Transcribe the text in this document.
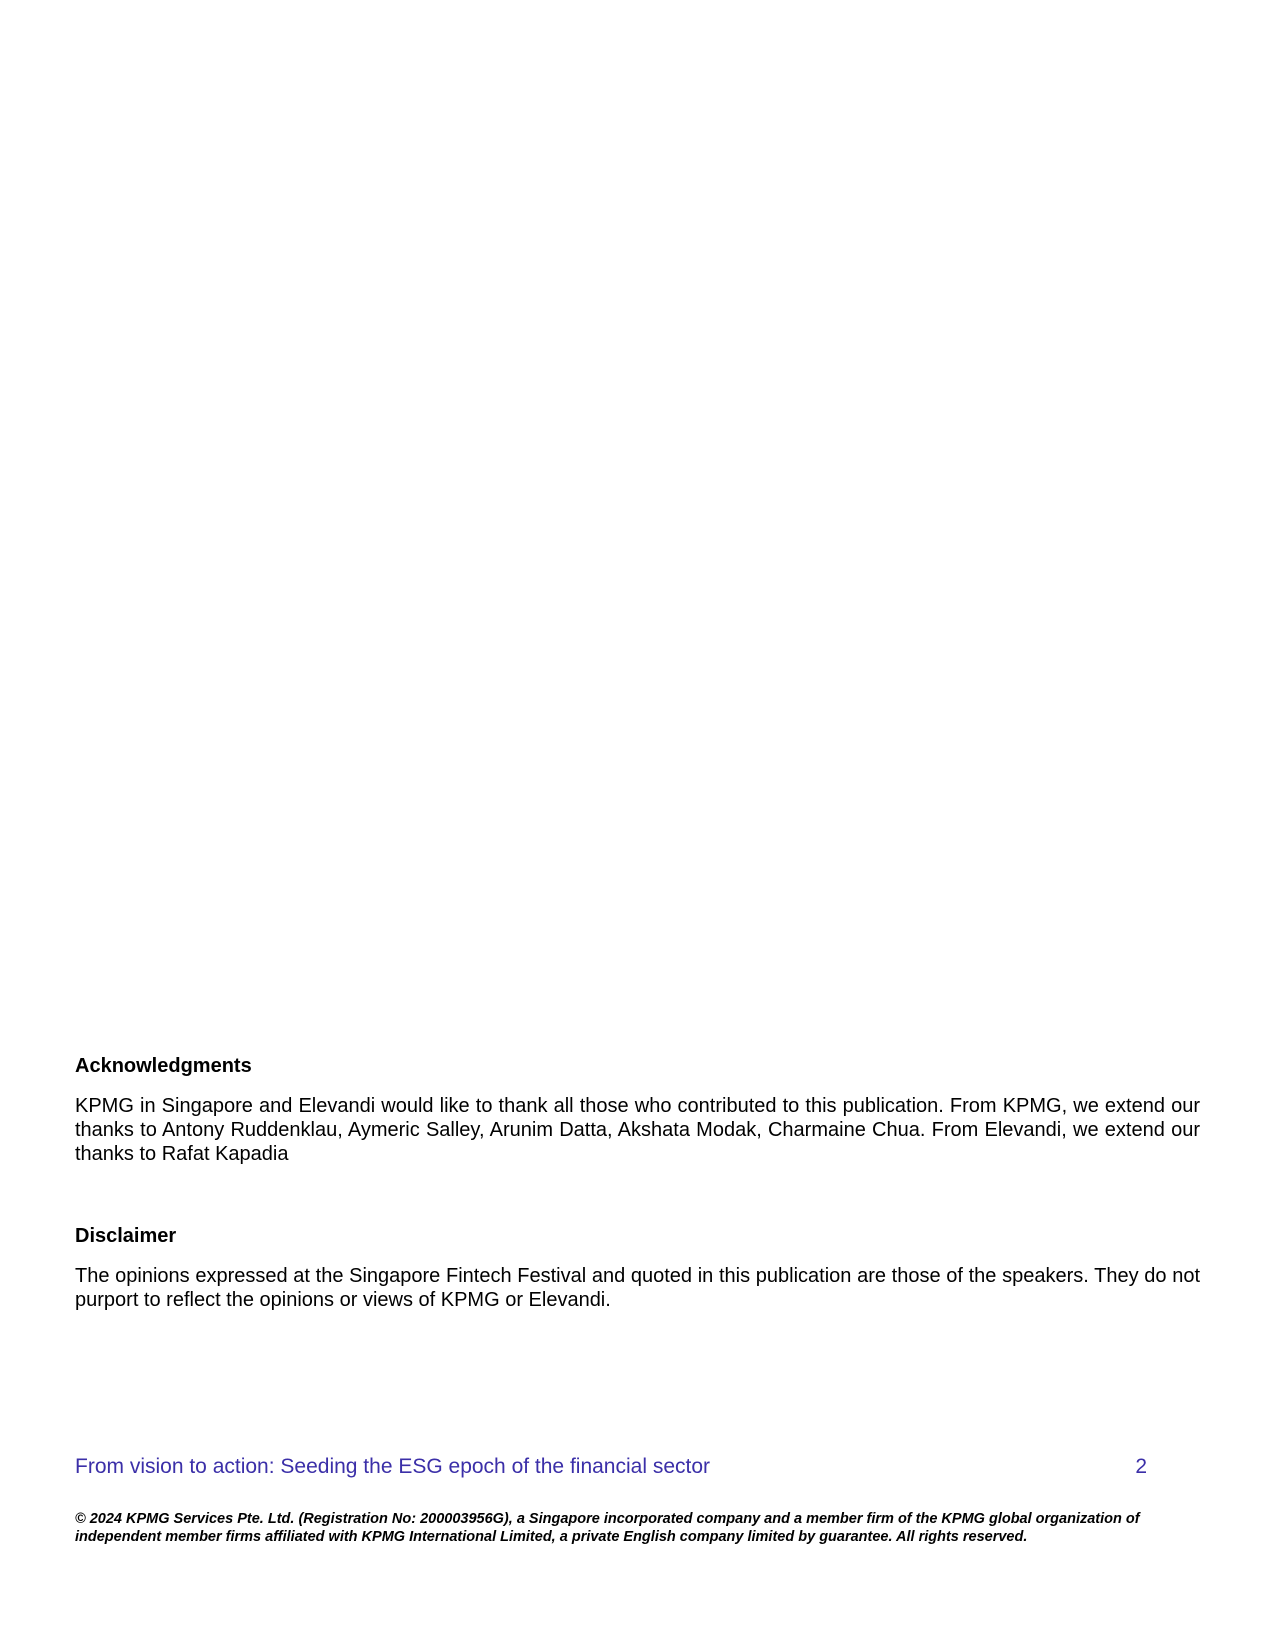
Acknowledgments

KPMG in Singapore and Elevandi would like to thank all those who contributed to this publication. From KPMG, we extend our thanks to Antony Ruddenklau, Aymeric Salley, Arunim Datta, Akshata Modak, Charmaine Chua. From Elevandi, we extend our thanks to Rafat Kapadia

Disclaimer

The opinions expressed at the Singapore Fintech Festival and quoted in this publication are those of the speakers. They do not purport to reflect the opinions or views of KPMG or Elevandi.

From vision to action: Seeding the ESG epoch of the financial sector	2

© 2024 KPMG Services Pte. Ltd. (Registration No: 200003956G), a Singapore incorporated company and a member firm of the KPMG global organization of independent member firms affiliated with KPMG International Limited, a private English company limited by guarantee. All rights reserved.
